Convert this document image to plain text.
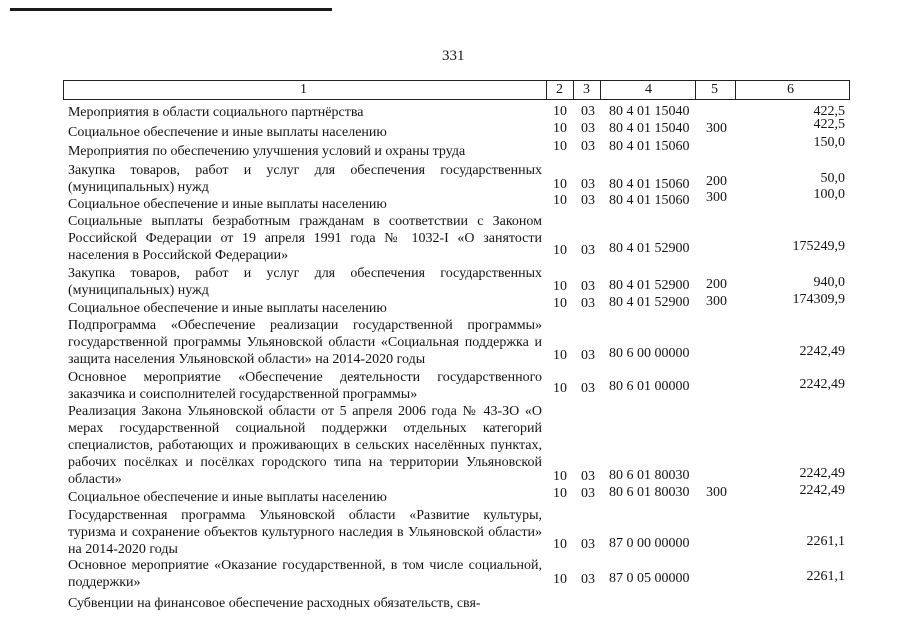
331
1	2 3	4	5	6

Мероприятия в области социального партнёрства	10 03 80 4 01 15040	422,5

Социальное обеспечение и иные выплаты населению	10 03 80 4 01 15040 300	422,5

Мероприятия по обеспечению улучшения условий и охраны труда	10 03 80 4 01 15060	150,0

Закупка товаров, работ и услуг для обеспечения государственных (муниципальных) нужд	10 03 80 4 01 15060 200	50,0

Социальное обеспечение и иные выплаты населению	10 03 80 4 01 15060 300	100,0

Социальные выплаты безработным гражданам в соответствии с Законом Российской Федерации от 19 апреля 1991 года № 1032-I «О занятости населения в Российской Федерации»	10 03 80 4 01 52900	175249,9

Закупка товаров, работ и услуг для обеспечения государственных (муниципальных) нужд	10 03 80 4 01 52900 200	940,0

Социальное обеспечение и иные выплаты населению	10 03 80 4 01 52900 300	174309,9

Подпрограмма «Обеспечение реализации государственной программы» государственной программы Ульяновской области «Социальная поддержка и защита населения Ульяновской области» на 2014-2020 годы	10 03 80 6 00 00000	2242,49

Основное мероприятие «Обеспечение деятельности государственного заказчика и соисполнителей государственной программы»	10 03 80 6 01 00000	2242,49

Реализация Закона Ульяновской области от 5 апреля 2006 года № 43-ЗО «О мерах государственной социальной поддержки отдельных категорий специалистов, работающих и проживающих в сельских населённых пунктах, рабочих посёлках и посёлках городского типа на территории Ульяновской области»	10 03 80 6 01 80030	2242,49

Социальное обеспечение и иные выплаты населению	10 03 80 6 01 80030 300	2242,49

Государственная программа Ульяновской области «Развитие культуры, туризма и сохранение объектов культурного наследия в Ульяновской области» на 2014-2020 годы	10 03 87 0 00 00000	2261,1

Основное мероприятие «Оказание государственной, в том числе социальной, поддержки»	10 03 87 0 05 00000	2261,1

Субвенции на финансовое обеспечение расходных обязательств, свя-
